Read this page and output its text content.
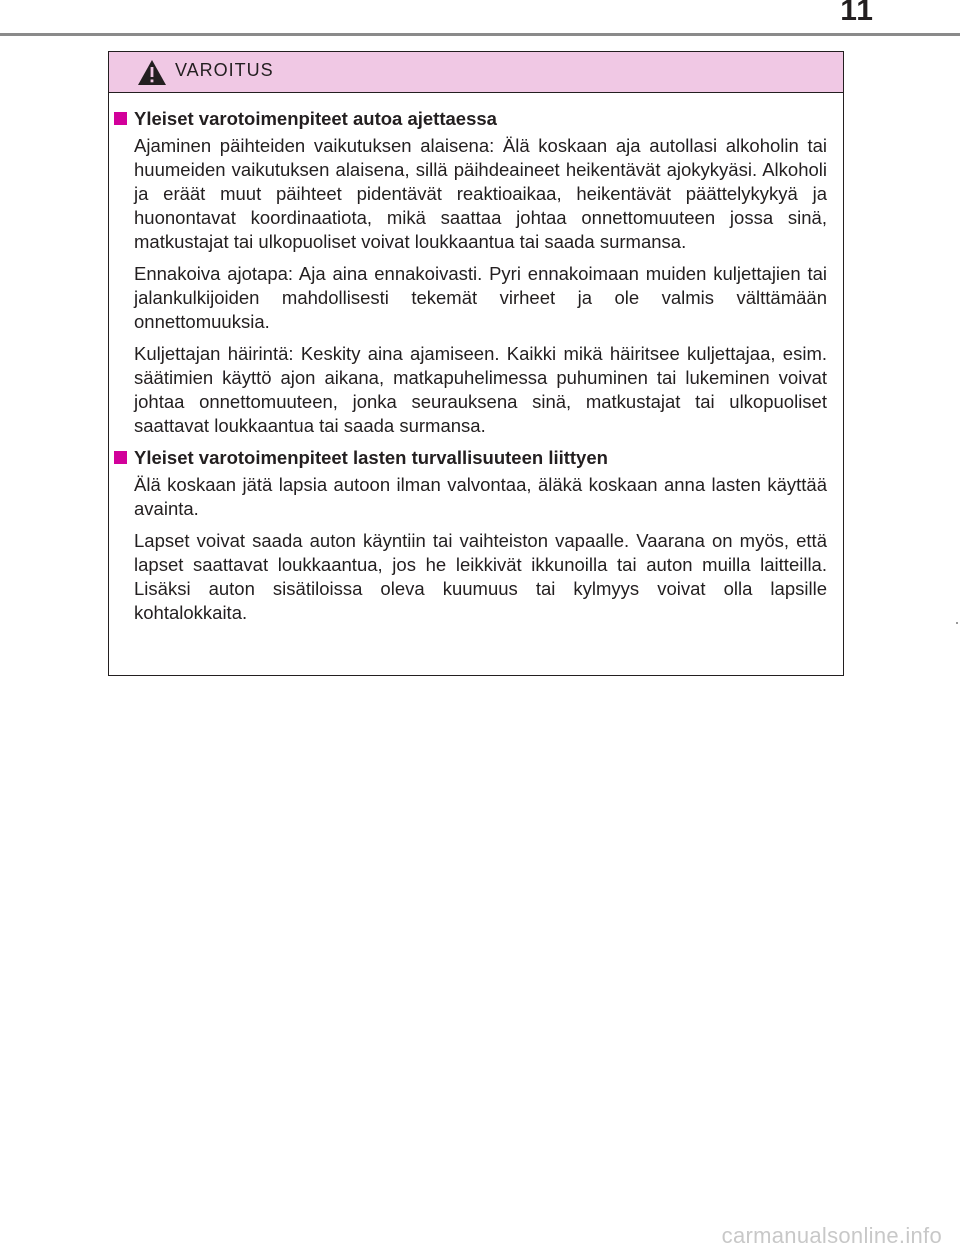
11
VAROITUS
Yleiset varotoimenpiteet autoa ajettaessa

Ajaminen päihteiden vaikutuksen alaisena: Älä koskaan aja autollasi alkoholin tai huumeiden vaikutuksen alaisena, sillä päihdeaineet heikentävät ajokykyäsi. Alkoholi ja eräät muut päihteet pidentävät reaktioaikaa, heikentävät päättelykykyä ja huonontavat koordinaatiota, mikä saattaa johtaa onnettomuuteen jossa sinä, matkustajat tai ulkopuoliset voivat loukkaantua tai saada surmansa.

Ennakoiva ajotapa: Aja aina ennakoivasti. Pyri ennakoimaan muiden kuljettajien tai jalankulkijoiden mahdollisesti tekemät virheet ja ole valmis välttämään onnettomuuksia.

Kuljettajan häirintä: Keskity aina ajamiseen. Kaikki mikä häiritsee kuljettajaa, esim. säätimien käyttö ajon aikana, matkapuhelimessa puhuminen tai lukeminen voivat johtaa onnettomuuteen, jonka seurauksena sinä, matkustajat tai ulkopuoliset saattavat loukkaantua tai saada surmansa.

Yleiset varotoimenpiteet lasten turvallisuuteen liittyen

Älä koskaan jätä lapsia autoon ilman valvontaa, äläkä koskaan anna lasten käyttää avainta.

Lapset voivat saada auton käyntiin tai vaihteiston vapaalle. Vaarana on myös, että lapset saattavat loukkaantua, jos he leikkivät ikkunoilla tai auton muilla laitteilla. Lisäksi auton sisätiloissa oleva kuumuus tai kylmyys voivat olla lapsille kohtalokkaita.

carmanualsonline.info
